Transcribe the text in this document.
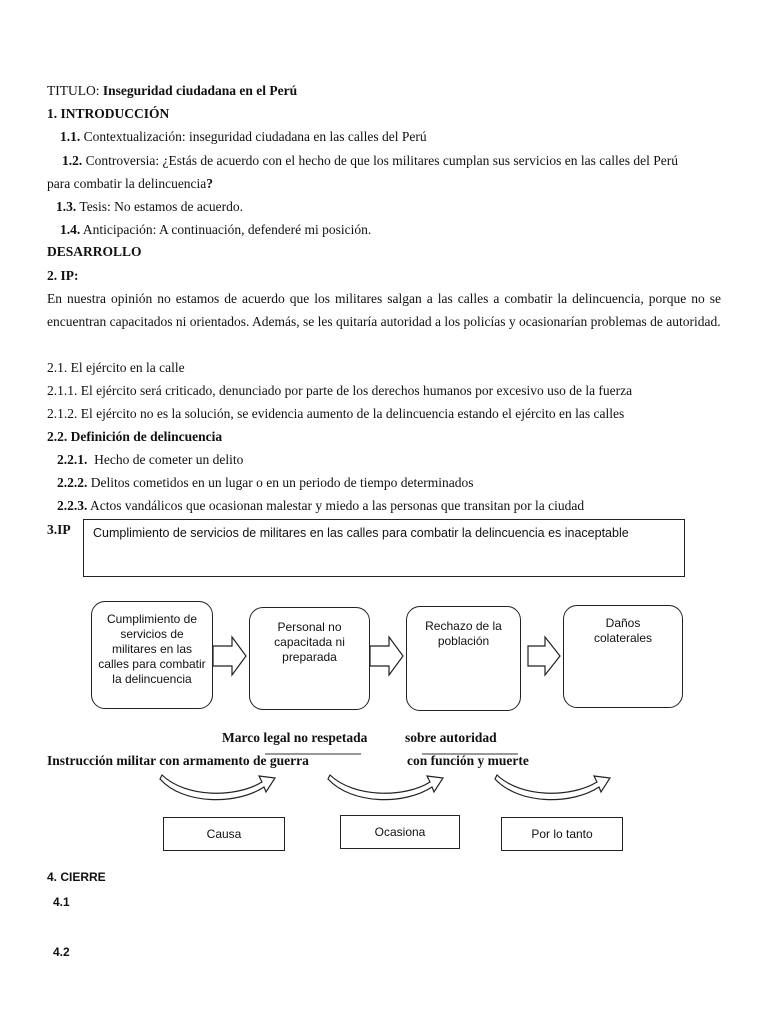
TITULO: Inseguridad ciudadana en el Perú
1. INTRODUCCIÓN
1.1. Contextualización: inseguridad ciudadana en las calles del Perú
1.2. Controversia: ¿Estás de acuerdo con el hecho de que los militares cumplan sus servicios en las calles del Perú
para combatir la delincuencia?
1.3. Tesis: No estamos de acuerdo.
1.4. Anticipación: A continuación, defenderé mi posición.
DESARROLLO
2. IP:
En nuestra opinión no estamos de acuerdo que los militares salgan a las calles a combatir la delincuencia, porque no se encuentran capacitados ni orientados. Además, se les quitaría autoridad a los policías y ocasionarían problemas de autoridad.
2.1. El ejército en la calle
2.1.1. El ejército será criticado, denunciado por parte de los derechos humanos por excesivo uso de la fuerza
2.1.2. El ejército no es la solución, se evidencia aumento de la delincuencia estando el ejército en las calles
2.2. Definición de delincuencia
2.2.1. Hecho de cometer un delito
2.2.2. Delitos cometidos en un lugar o en un periodo de tiempo determinados
2.2.3. Actos vandálicos que ocasionan malestar y miedo a las personas que transitan por la ciudad
3.IP	Cumplimiento de servicios de militares en las calles para combatir la delincuencia es inaceptable
Cumplimiento de servicios de militares en las calles para combatir la delincuencia
Personal no capacitada ni preparada
Rechazo de la población
Daños colaterales
Marco legal no respetada	sobre autoridad
Instrucción militar con armamento de guerra	con función y muerte
Causa	Ocasiona	Por lo tanto
4. CIERRE
4.1
4.2
